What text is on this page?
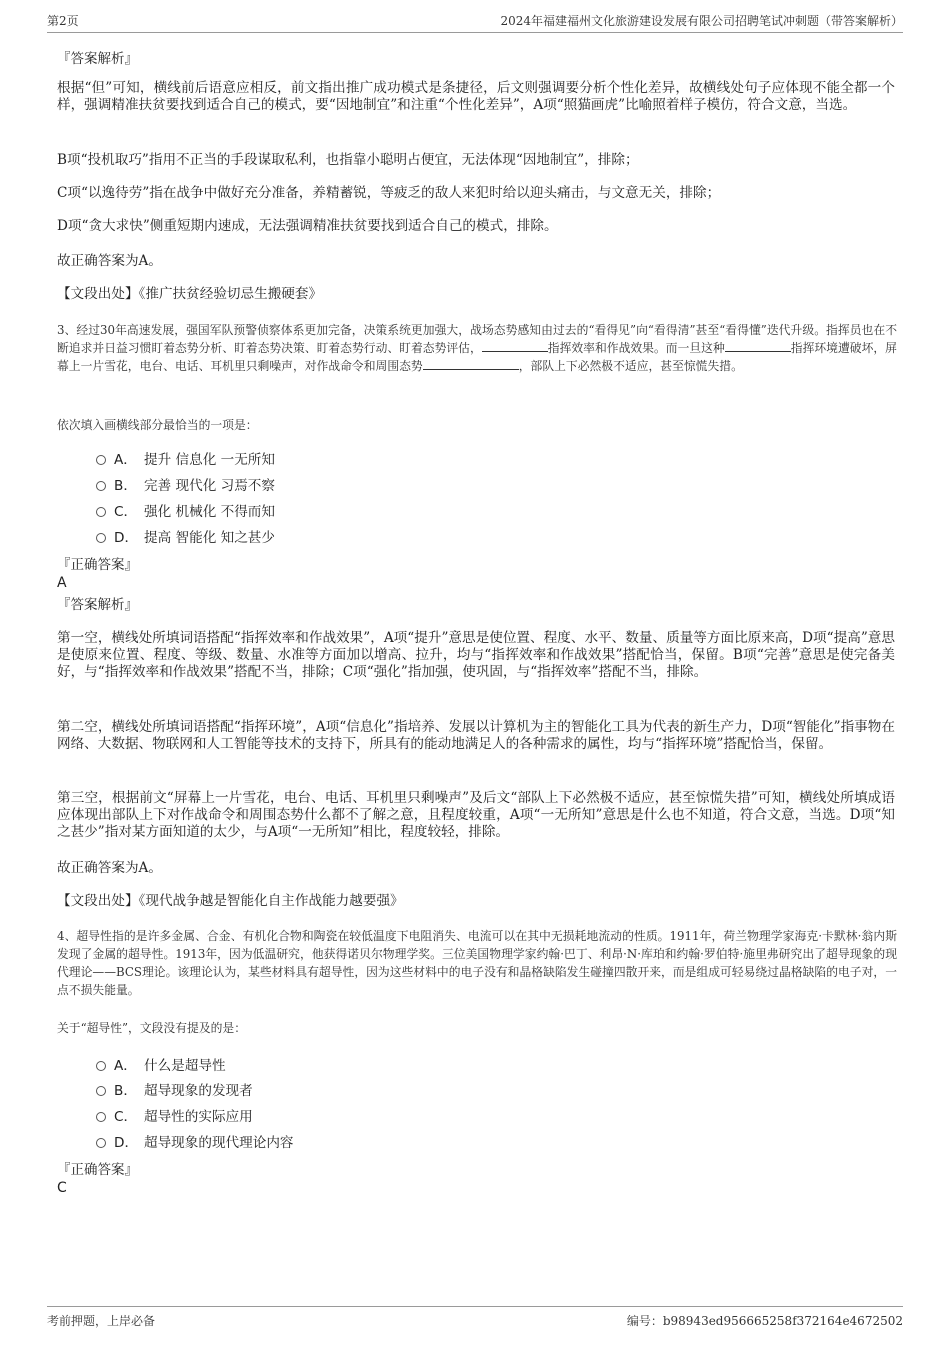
第2页	2024年福建福州文化旅游建设发展有限公司招聘笔试冲刺题（带答案解析）
『答案解析』
根据“但”可知，横线前后语意应相反，前文指出推广成功模式是条捷径，后文则强调要分析个性化差异，故横线处句子应体现不能全都一个样，强调精准扶贫要找到适合自己的模式，要“因地制宜”和注重“个性化差异”，A项“照猫画虎”比喻照着样子模仿，符合文意，当选。
B项“投机取巧”指用不正当的手段谋取私利，也指靠小聪明占便宜，无法体现“因地制宜”，排除；
C项“以逸待劳”指在战争中做好充分准备，养精蓄锐，等疲乏的敌人来犯时给以迎头痛击，与文意无关，排除；
D项“贪大求快”侧重短期内速成，无法强调精准扶贫要找到适合自己的模式，排除。
故正确答案为A。
【文段出处】《推广扶贫经验切忌生搬硬套》
3、经过30年高速发展，强国军队预警侦察体系更加完备，决策系统更加强大，战场态势感知由过去的“看得见”向“看得清”甚至“看得懂”迭代升级。指挥员也在不断追求并日益习惯盯着态势分析、盯着态势决策、盯着态势行动、盯着态势评估，	指挥效率和作战效果。而一旦这种	指挥环境遭破坏，屏幕上一片雪花，电台、电话、耳机里只剩噪声，对作战命令和周围态势	，部队上下必然极不适应，甚至惊慌失措。
依次填入画横线部分最恰当的一项是：
A． 提升 信息化 一无所知
B． 完善 现代化 习焉不察
C． 强化 机械化 不得而知
D． 提高 智能化 知之甚少
『正确答案』
A
『答案解析』
第一空，横线处所填词语搭配“指挥效率和作战效果”，A项“提升”意思是使位置、程度、水平、数量、质量等方面比原来高，D项“提高”意思是使原来位置、程度、等级、数量、水准等方面加以增高、拉升，均与“指挥效率和作战效果”搭配恰当，保留。B项“完善”意思是使完备美好，与“指挥效率和作战效果”搭配不当，排除；C项“强化”指加强，使巩固，与“指挥效率”搭配不当，排除。
第二空，横线处所填词语搭配“指挥环境”，A项“信息化”指培养、发展以计算机为主的智能化工具为代表的新生产力，D项“智能化”指事物在网络、大数据、物联网和人工智能等技术的支持下，所具有的能动地满足人的各种需求的属性，均与“指挥环境”搭配恰当，保留。
第三空，根据前文“屏幕上一片雪花，电台、电话、耳机里只剩噪声”及后文“部队上下必然极不适应，甚至惊慌失措”可知，横线处所填成语应体现出部队上下对作战命令和周围态势什么都不了解之意，且程度较重，A项“一无所知”意思是什么也不知道，符合文意，当选。D项“知之甚少”指对某方面知道的太少，与A项“一无所知”相比，程度较轻，排除。
故正确答案为A。
【文段出处】《现代战争越是智能化自主作战能力越要强》
4、超导性指的是许多金属、合金、有机化合物和陶瓷在较低温度下电阻消失、电流可以在其中无损耗地流动的性质。1911年，荷兰物理学家海克·卡默林·翁内斯发现了金属的超导性。1913年，因为低温研究，他获得诺贝尔物理学奖。三位美国物理学家约翰·巴丁、利昂·N·库珀和约翰·罗伯特·施里弗研究出了超导现象的现代理论——BCS理论。该理论认为，某些材料具有超导性，因为这些材料中的电子没有和晶格缺陷发生碰撞四散开来，而是组成可轻易绕过晶格缺陷的电子对，一点不损失能量。
关于“超导性”，文段没有提及的是：
A． 什么是超导性
B． 超导现象的发现者
C． 超导性的实际应用
D． 超导现象的现代理论内容
『正确答案』
C
考前押题，上岸必备	编号：b98943ed956665258f372164e4672502
